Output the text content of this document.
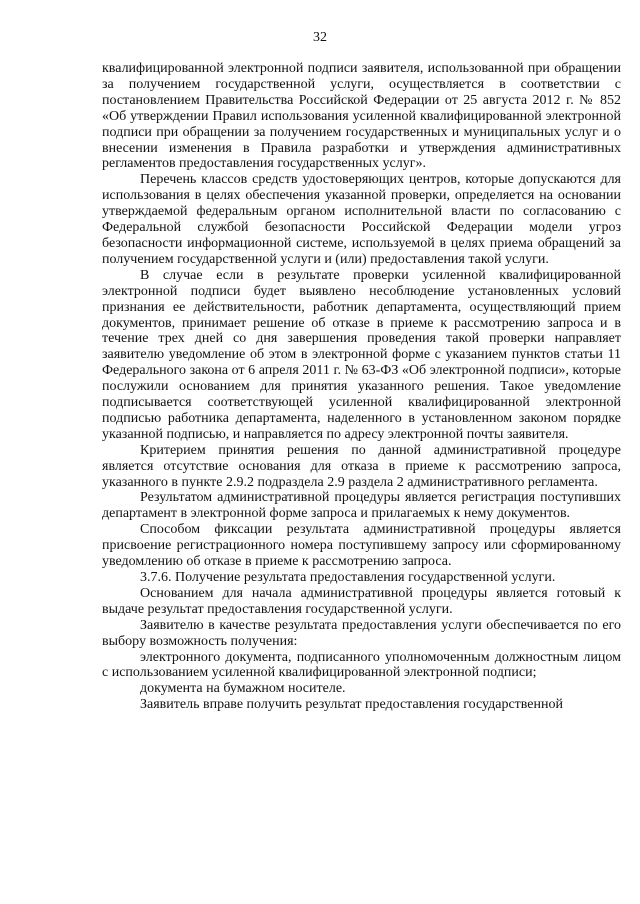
32

квалифицированной электронной подписи заявителя, использованной при обращении за получением государственной услуги, осуществляется в соответствии с постановлением Правительства Российской Федерации от 25 августа 2012 г. № 852 «Об утверждении Правил использования усиленной квалифицированной электронной подписи при обращении за получением государственных и муниципальных услуг и о внесении изменения в Правила разработки и утверждения административных регламентов предоставления государственных услуг».

Перечень классов средств удостоверяющих центров, которые допускаются для использования в целях обеспечения указанной проверки, определяется на основании утверждаемой федеральным органом исполнительной власти по согласованию с Федеральной службой безопасности Российской Федерации модели угроз безопасности информационной системе, используемой в целях приема обращений за получением государственной услуги и (или) предоставления такой услуги.

В случае если в результате проверки усиленной квалифицированной электронной подписи будет выявлено несоблюдение установленных условий признания ее действительности, работник департамента, осуществляющий прием документов, принимает решение об отказе в приеме к рассмотрению запроса и в течение трех дней со дня завершения проведения такой проверки направляет заявителю уведомление об этом в электронной форме с указанием пунктов статьи 11 Федерального закона от 6 апреля 2011 г. № 63-ФЗ «Об электронной подписи», которые послужили основанием для принятия указанного решения. Такое уведомление подписывается соответствующей усиленной квалифицированной электронной подписью работника департамента, наделенного в установленном законом порядке указанной подписью, и направляется по адресу электронной почты заявителя.

Критерием принятия решения по данной административной процедуре является отсутствие основания для отказа в приеме к рассмотрению запроса, указанного в пункте 2.9.2 подраздела 2.9 раздела 2 административного регламента.

Результатом административной процедуры является регистрация поступивших департамент в электронной форме запроса и прилагаемых к нему документов.

Способом фиксации результата административной процедуры является присвоение регистрационного номера поступившему запросу или сформированному уведомлению об отказе в приеме к рассмотрению запроса.

3.7.6. Получение результата предоставления государственной услуги.

Основанием для начала административной процедуры является готовый к выдаче результат предоставления государственной услуги.

Заявителю в качестве результата предоставления услуги обеспечивается по его выбору возможность получения:

электронного документа, подписанного уполномоченным должностным лицом с использованием усиленной квалифицированной электронной подписи;

документа на бумажном носителе.

Заявитель вправе получить результат предоставления государственной
